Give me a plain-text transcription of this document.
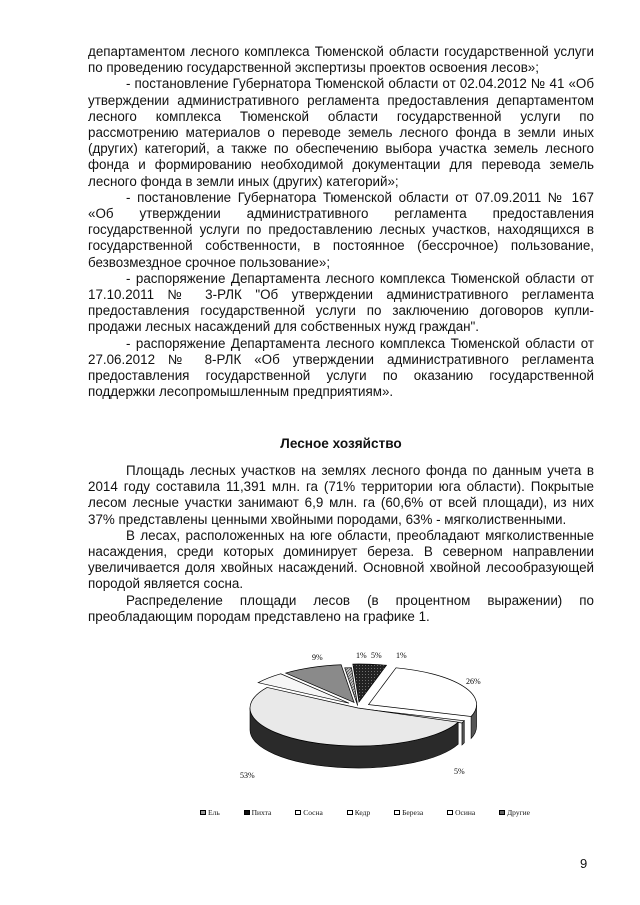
департаментом лесного комплекса Тюменской области государственной услуги по проведению государственной экспертизы проектов освоения лесов»;

- постановление Губернатора Тюменской области от 02.04.2012 № 41 «Об утверждении административного регламента предоставления департаментом лесного комплекса Тюменской области государственной услуги по рассмотрению материалов о переводе земель лесного фонда в земли иных (других) категорий, а также по обеспечению выбора участка земель лесного фонда и формированию необходимой документации для перевода земель лесного фонда в земли иных (других) категорий»;

- постановление Губернатора Тюменской области от 07.09.2011 № 167 «Об утверждении административного регламента предоставления государственной услуги по предоставлению лесных участков, находящихся в государственной собственности, в постоянное (бессрочное) пользование, безвозмездное срочное пользование»;

- распоряжение Департамента лесного комплекса Тюменской области от 17.10.2011 № 3-РЛК "Об утверждении административного регламента предоставления государственной услуги по заключению договоров купли-продажи лесных насаждений для собственных нужд граждан".

- распоряжение Департамента лесного комплекса Тюменской области от 27.06.2012 № 8-РЛК «Об утверждении административного регламента предоставления государственной услуги по оказанию государственной поддержки лесопромышленным предприятиям».

Лесное хозяйство

Площадь лесных участков на землях лесного фонда по данным учета в 2014 году составила 11,391 млн. га (71% территории юга области). Покрытые лесом лесные участки занимают 6,9 млн. га (60,6% от всей площади), из них 37% представлены ценными хвойными породами, 63% - мягколиственными.

В лесах, расположенных на юге области, преобладают мягколиственные насаждения, среди которых доминирует береза. В северном направлении увеличивается доля хвойных насаждений. Основной хвойной лесообразующей породой является сосна.

Распределение площади лесов (в процентном выражении) по преобладающим породам представлено на графике 1.

1% 5%
26%
1%
53%	5%
9%
Ель	Пихта	Сосна	Кедр	Береза	Осина	Другие
9
